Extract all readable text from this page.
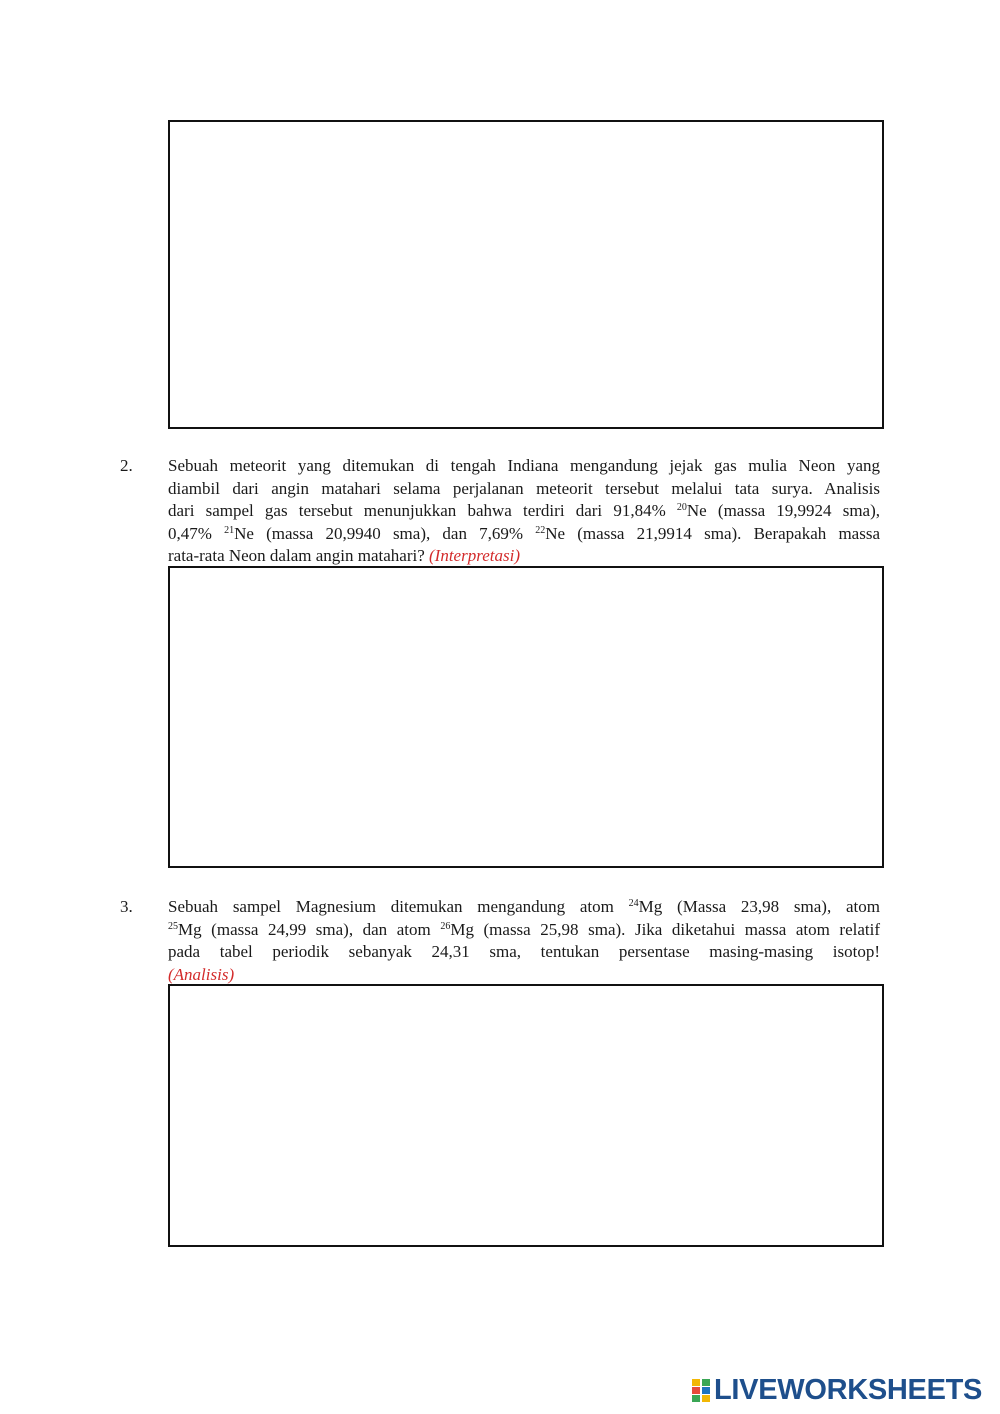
2. Sebuah meteorit yang ditemukan di tengah Indiana mengandung jejak gas mulia Neon yang
diambil dari angin matahari selama perjalanan meteorit tersebut melalui tata surya. Analisis
dari sampel gas tersebut menunjukkan bahwa terdiri dari 91,84% $^{20}$Ne (massa 19,9924 sma),
0,47% $^{21}$Ne (massa 20,9940 sma), dan 7,69% $^{22}$Ne (massa 21,9914 sma). Berapakah massa
rata-rata Neon dalam angin matahari? (Interpretasi)
3. Sebuah sampel Magnesium ditemukan mengandung atom $^{24}$Mg (Massa 23,98 sma), atom
$^{25}$Mg (massa 24,99 sma), dan atom $^{26}$Mg (massa 25,98 sma). Jika diketahui massa atom relatif
pada tabel periodik sebanyak 24,31 sma, tentukan persentase masing-masing isotop!
(Analisis)
LIVEWORKSHEETS
